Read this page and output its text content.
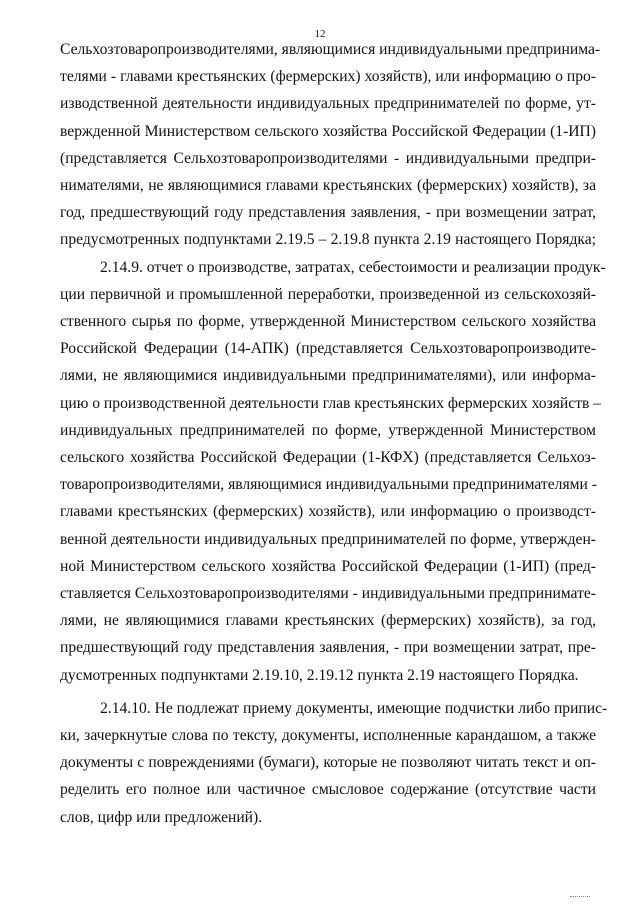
12
Сельхозтоваропроизводителями, являющимися индивидуальными предпринима-
телями - главами крестьянских (фермерских) хозяйств), или информацию о про-
изводственной деятельности индивидуальных предпринимателей по форме, ут-
вержденной Министерством сельского хозяйства Российской Федерации (1-ИП)
(представляется Сельхозтоваропроизводителями - индивидуальными предпри-
нимателями, не являющимися главами крестьянских (фермерских) хозяйств), за
год, предшествующий году представления заявления, - при возмещении затрат,
предусмотренных подпунктами 2.19.5 – 2.19.8 пункта 2.19 настоящего Порядка;
2.14.9. отчет о производстве, затратах, себестоимости и реализации продук-
ции первичной и промышленной переработки, произведенной из сельскохозяй-
ственного сырья по форме, утвержденной Министерством сельского хозяйства
Российской Федерации (14-АПК) (представляется Сельхозтоваропроизводите-
лями, не являющимися индивидуальными предпринимателями), или информа-
цию о производственной деятельности глав крестьянских фермерских хозяйств –
индивидуальных предпринимателей по форме, утвержденной Министерством
сельского хозяйства Российской Федерации (1-КФХ) (представляется Сельхоз-
товаропроизводителями, являющимися индивидуальными предпринимателями -
главами крестьянских (фермерских) хозяйств), или информацию о производст-
венной деятельности индивидуальных предпринимателей по форме, утвержден-
ной Министерством сельского хозяйства Российской Федерации (1-ИП) (пред-
ставляется Сельхозтоваропроизводителями - индивидуальными предпринимате-
лями, не являющимися главами крестьянских (фермерских) хозяйств), за год,
предшествующий году представления заявления, - при возмещении затрат, пре-
дусмотренных подпунктами 2.19.10, 2.19.12 пункта 2.19 настоящего Порядка.
2.14.10. Не подлежат приему документы, имеющие подчистки либо припис-
ки, зачеркнутые слова по тексту, документы, исполненные карандашом, а также
документы с повреждениями (бумаги), которые не позволяют читать текст и оп-
ределить его полное или частичное смысловое содержание (отсутствие части
слов, цифр или предложений).
